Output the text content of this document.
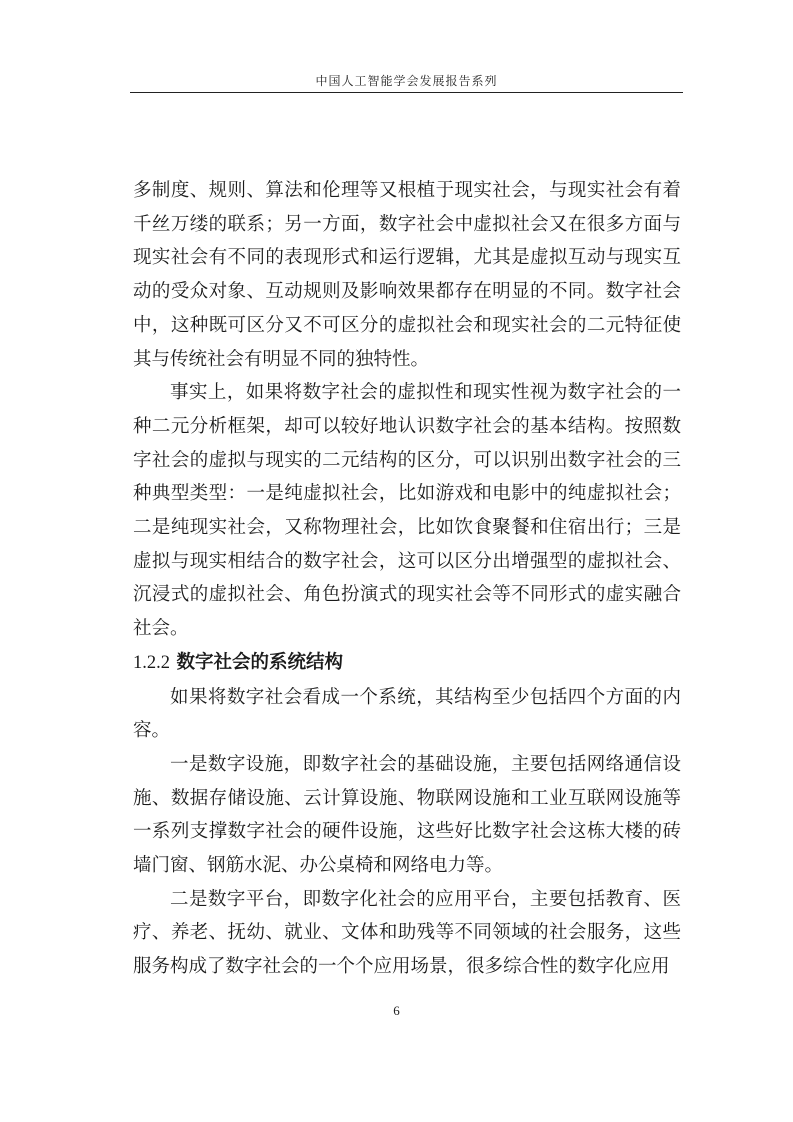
中国人工智能学会发展报告系列

多制度、规则、算法和伦理等又根植于现实社会，与现实社会有着千丝万缕的联系；另一方面，数字社会中虚拟社会又在很多方面与现实社会有不同的表现形式和运行逻辑，尤其是虚拟互动与现实互动的受众对象、互动规则及影响效果都存在明显的不同。数字社会中，这种既可区分又不可区分的虚拟社会和现实社会的二元特征使其与传统社会有明显不同的独特性。

事实上，如果将数字社会的虚拟性和现实性视为数字社会的一种二元分析框架，却可以较好地认识数字社会的基本结构。按照数字社会的虚拟与现实的二元结构的区分，可以识别出数字社会的三种典型类型：一是纯虚拟社会，比如游戏和电影中的纯虚拟社会；二是纯现实社会，又称物理社会，比如饮食聚餐和住宿出行；三是虚拟与现实相结合的数字社会，这可以区分出增强型的虚拟社会、沉浸式的虚拟社会、角色扮演式的现实社会等不同形式的虚实融合社会。

1.2.2 数字社会的系统结构

如果将数字社会看成一个系统，其结构至少包括四个方面的内容。

一是数字设施，即数字社会的基础设施，主要包括网络通信设施、数据存储设施、云计算设施、物联网设施和工业互联网设施等一系列支撑数字社会的硬件设施，这些好比数字社会这栋大楼的砖墙门窗、钢筋水泥、办公桌椅和网络电力等。

二是数字平台，即数字化社会的应用平台，主要包括教育、医疗、养老、抚幼、就业、文体和助残等不同领域的社会服务，这些服务构成了数字社会的一个个应用场景，很多综合性的数字化应用

6
